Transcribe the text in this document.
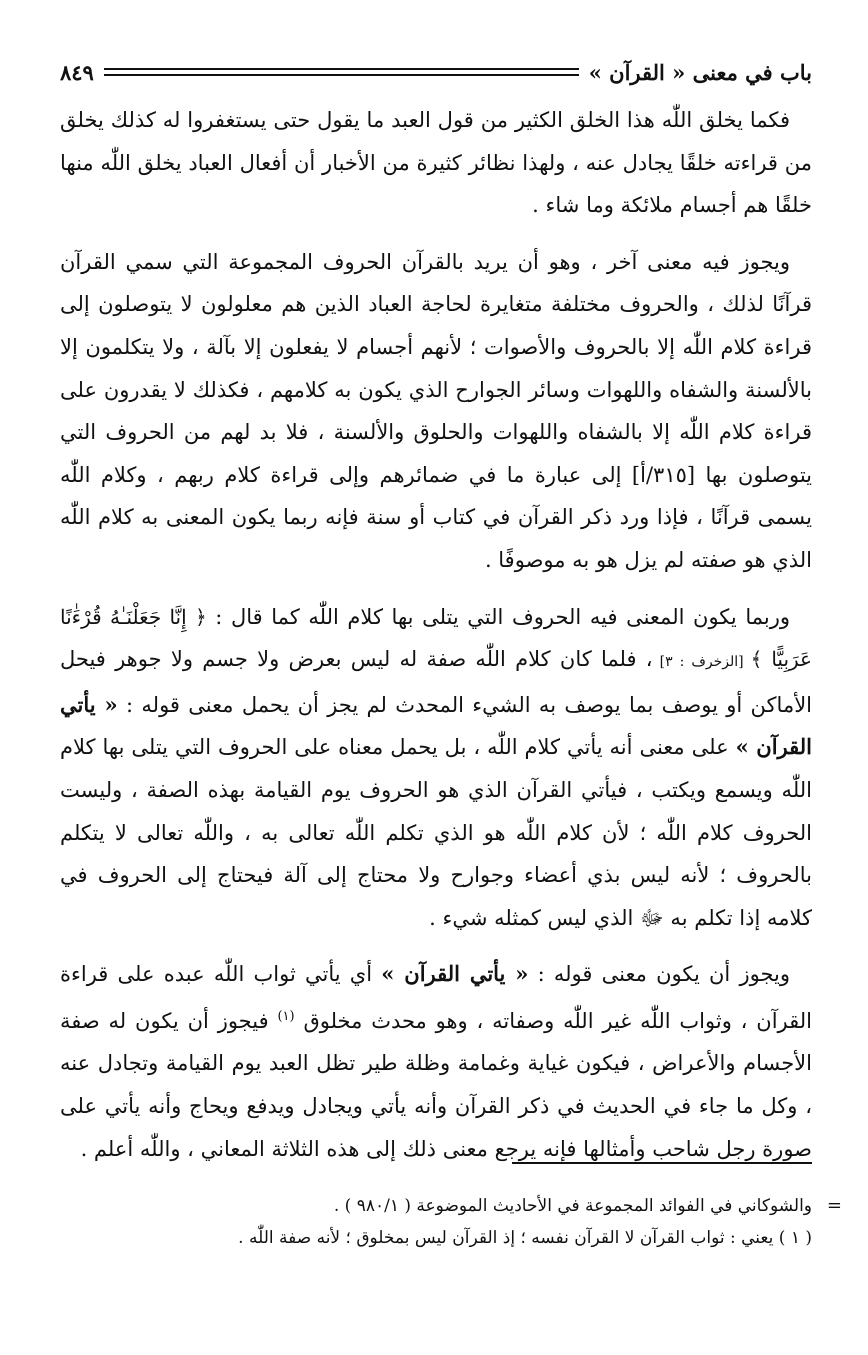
باب في معنى « القرآن »
٨٤٩

فكما يخلق اللّٰه هذا الخلق الكثير من قول العبد ما يقول حتى يستغفروا له كذلك يخلق من قراءته خلقًا يجادل عنه ، ولهذا نظائر كثيرة من الأخبار أن أفعال العباد يخلق اللّٰه منها خلقًا هم أجسام ملائكة وما شاء .

ويجوز فيه معنى آخر ، وهو أن يريد بالقرآن الحروف المجموعة التي سمي القرآن قرآنًا لذلك ، والحروف مختلفة متغايرة لحاجة العباد الذين هم معلولون لا يتوصلون إلى قراءة كلام اللّٰه إلا بالحروف والأصوات ؛ لأنهم أجسام لا يفعلون إلا بآلة ، ولا يتكلمون إلا بالألسنة والشفاه واللهوات وسائر الجوارح الذي يكون به كلامهم ، فكذلك لا يقدرون على قراءة كلام اللّٰه إلا بالشفاه واللهوات والحلوق والألسنة ، فلا بد لهم من الحروف التي يتوصلون بها [٣١٥/أ] إلى عبارة ما في ضمائرهم وإلى قراءة كلام ربهم ، وكلام اللّٰه يسمى قرآنًا ، فإذا ورد ذكر القرآن في كتاب أو سنة فإنه ربما يكون المعنى به كلام اللّٰه الذي هو صفته لم يزل هو به موصوفًا .

وربما يكون المعنى فيه الحروف التي يتلى بها كلام اللّٰه كما قال : ﴿ إِنَّا جَعَلْنَـٰهُ قُرْءَٰنًا عَرَبِيًّا ﴾ [الزخرف : ٣] ، فلما كان كلام اللّٰه صفة له ليس بعرض ولا جسم ولا جوهر فيحل الأماكن أو يوصف بما يوصف به الشيء المحدث لم يجز أن يحمل معنى قوله : « يأتي القرآن » على معنى أنه يأتي كلام اللّٰه ، بل يحمل معناه على الحروف التي يتلى بها كلام اللّٰه ويسمع ويكتب ، فيأتي القرآن الذي هو الحروف يوم القيامة بهذه الصفة ، وليست الحروف كلام اللّٰه ؛ لأن كلام اللّٰه هو الذي تكلم اللّٰه تعالى به ، واللّٰه تعالى لا يتكلم بالحروف ؛ لأنه ليس بذي أعضاء وجوارح ولا محتاج إلى آلة فيحتاج إلى الحروف في كلامه إذا تكلم به ﷻ الذي ليس كمثله شيء .

ويجوز أن يكون معنى قوله : « يأتي القرآن » أي يأتي ثواب اللّٰه عبده على قراءة القرآن ، وثواب اللّٰه غير اللّٰه وصفاته ، وهو محدث مخلوق $^{(١)}$ فيجوز أن يكون له صفة الأجسام والأعراض ، فيكون غياية وغمامة وظلة طير تظل العبد يوم القيامة وتجادل عنه ، وكل ما جاء في الحديث في ذكر القرآن وأنه يأتي ويجادل ويدفع ويحاج وأنه يأتي على صورة رجل شاحب وأمثالها فإنه يرجع معنى ذلك إلى هذه الثلاثة المعاني ، واللّٰه أعلم .

=

والشوكاني في الفوائد المجموعة في الأحاديث الموضوعة ( ٩٨٠/١ ) .

( ١ ) يعني : ثواب القرآن لا القرآن نفسه ؛ إذ القرآن ليس بمخلوق ؛ لأنه صفة اللّٰه .
